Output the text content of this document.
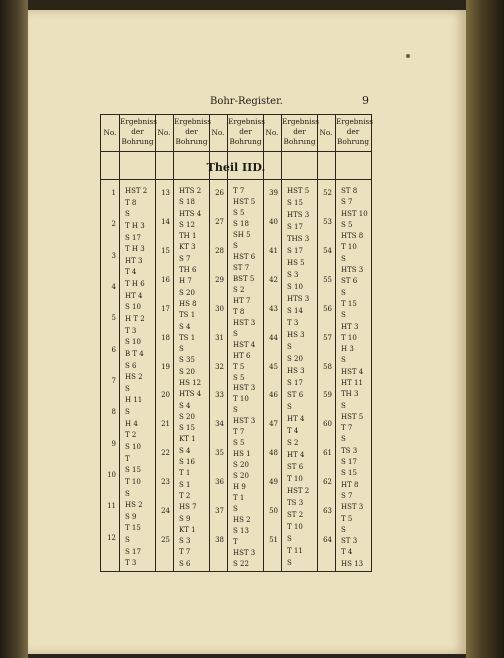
Bohr-Register.	9
No.
Ergebniss der Bohrung
No.
Ergebniss der Bohrung
No.
Ergebniss der Bohrung
No.
Ergebniss der Bohrung
No.
Ergebniss der Bohrung
Theil IID.
1
2
3
4
5
6
7
8
9
10
11
12
HST 2
T 8
S
T H 3
S 17
T H 3
HT 3
T 4
T H 6
HT 4
S 10
H T 2
T 3
S 10
B T 4
S 6
HS 2
S
H 11
S
H 4
T 2
S 10
T
S 15
T 10
S
HS 2
S 9
T 15
S
S 17
T 3
13
14
15
16
17
18
19
20
21
22
23
24
25
HTS 2
S 18
HTS 4
S 12
TH 1
KT 3
S 7
TH 6
H 7
S 20
HS 8
TS 1
S 4
TS 1
S
S 35
S 20
HS 12
HTS 4
S 4
S 20
S 15
KT 1
S 4
S 16
T 1
S 1
T 2
HS 7
S 9
KT 1
S 3
T 7
S 6
26
27
28
29
30
31
32
33
34
35
36
37
38
T 7
HST 5
S 5
S 18
SH 5
S
HST 6
ST 7
BST 5
S 2
HT 7
T 8
HST 3
S
HST 4
HT 6
T 5
S 5
HST 3
T 10
S
HST 3
T 7
S 5
HS 1
S 20
S 20
H 9
T 1
S
HS 2
S 13
T
HST 3
S 22
39
40
41
42
43
44
45
46
47
48
49
50
51
HST 5
S 15
HTS 3
S 17
THS 3
S 17
HS 5
S 3
S 10
HTS 3
S 14
T 3
HS 3
S
S 20
HS 3
S 17
ST 6
S
HT 4
T 4
S 2
HT 4
ST 6
T 10
HST 2
TS 3
ST 2
T 10
S
T 11
S
52
53
54
55
56
57
58
59
60
61
62
63
64
ST 8
S 7
HST 10
S 5
HTS 8
T 10
S
HTS 3
ST 6
S
T 15
S
HT 3
T 10
H 3
S
HST 4
HT 11
TH 3
S
HST 5
T 7
S
TS 3
S 17
S 15
HT 8
S 7
HST 3
T 5
S
ST 3
T 4
HS 13
